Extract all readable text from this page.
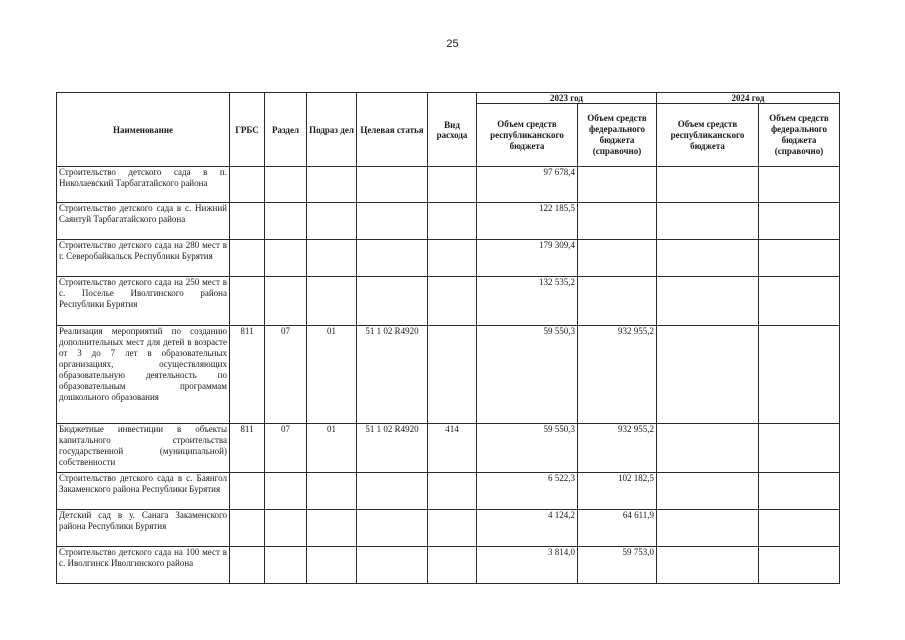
25
Наименование	ГРБС	Раздел	Подраз дел	Целевая статья	Вид расхода	2023 год		2024 год	
						Объем средств республиканского бюджета	Объем средств федерального бюджета (справочно)	Объем средств республиканского бюджета	Объем средств федерального бюджета (справочно)
Строительство детского сада в п. Николаевский Тарбагатайского района						97 678,4			
Строительство детского сада в с. Нижний Саянтуй Тарбагатайского района						122 185,5			
Строительство детского сада на 280 мест в г. Северобайкальск Республики Бурятия						179 309,4			
Строительство детского сада на 250 мест в с. Поселье Иволгинского района Республики Бурятия						132 535,2			
Реализация мероприятий по созданию дополнительных мест для детей в возрасте от 3 до 7 лет в образовательных организациях, осуществляющих образовательную деятельность по образовательным программам дошкольного образования	811	07	01	51 1 02 R4920		59 550,3	932 955,2		
Бюджетные инвестиции в объекты капитального строительства государственной (муниципальной) собственности	811	07	01	51 1 02 R4920	414	59 550,3	932 955,2		
Строительство детского сада в с. Баянгол Закаменского района Республики Бурятия						6 522,3	102 182,5		
Детский сад в у. Санага Закаменского района Республики Бурятия						4 124,2	64 611,9		
Строительство детского сада на 100 мест в с. Иволгинск Иволгинского района						3 814,0	59 753,0		
